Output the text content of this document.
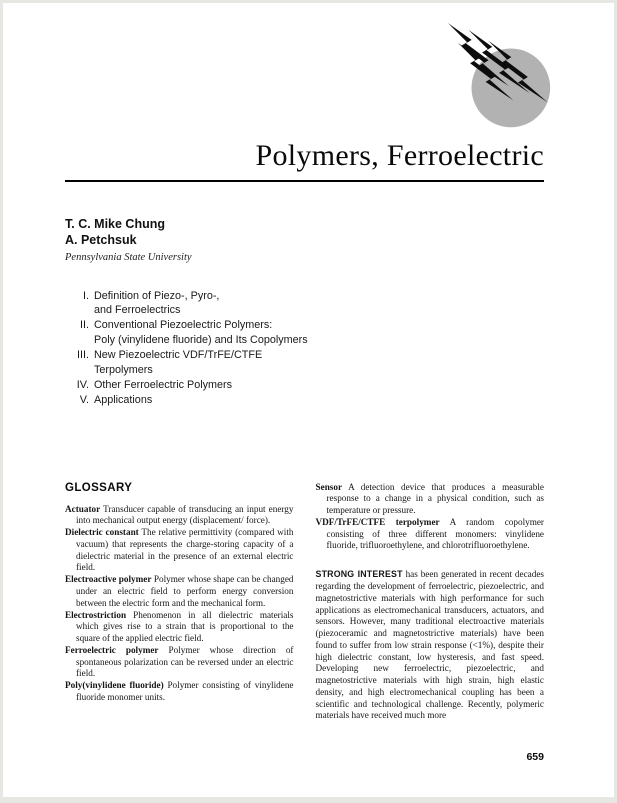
Polymers, Ferroelectric
T. C. Mike Chung
A. Petchsuk
Pennsylvania State University
I. Definition of Piezo-, Pyro-,
and Ferroelectrics
II. Conventional Piezoelectric Polymers:
Poly (vinylidene fluoride) and Its Copolymers
III. New Piezoelectric VDF/TrFE/CTFE
Terpolymers
IV. Other Ferroelectric Polymers
V. Applications
GLOSSARY

Actuator Transducer capable of transducing an input energy into mechanical output energy (displacement/ force).

Dielectric constant The relative permittivity (compared with vacuum) that represents the charge-storing capacity of a dielectric material in the presence of an external electric field.

Electroactive polymer Polymer whose shape can be changed under an electric field to perform energy conversion between the electric form and the mechanical form.

Electrostriction Phenomenon in all dielectric materials which gives rise to a strain that is proportional to the square of the applied electric field.

Ferroelectric polymer Polymer whose direction of spontaneous polarization can be reversed under an electric field.

Poly(vinylidene fluoride) Polymer consisting of vinylidene fluoride monomer units.

Sensor A detection device that produces a measurable response to a change in a physical condition, such as temperature or pressure.

VDF/TrFE/CTFE terpolymer A random copolymer consisting of three different monomers: vinylidene fluoride, trifluoroethylene, and chlorotrifluoroethylene.

STRONG INTEREST has been generated in recent decades regarding the development of ferroelectric, piezoelectric, and magnetostrictive materials with high performance for such applications as electromechanical transducers, actuators, and sensors. However, many traditional electroactive materials (piezoceramic and magnetostrictive materials) have been found to suffer from low strain response (<1%), despite their high dielectric constant, low hysteresis, and fast speed. Developing new ferroelectric, piezoelectric, and magnetostrictive materials with high strain, high elastic density, and high electromechanical coupling has been a scientific and technological challenge. Recently, polymeric materials have received much more

659
